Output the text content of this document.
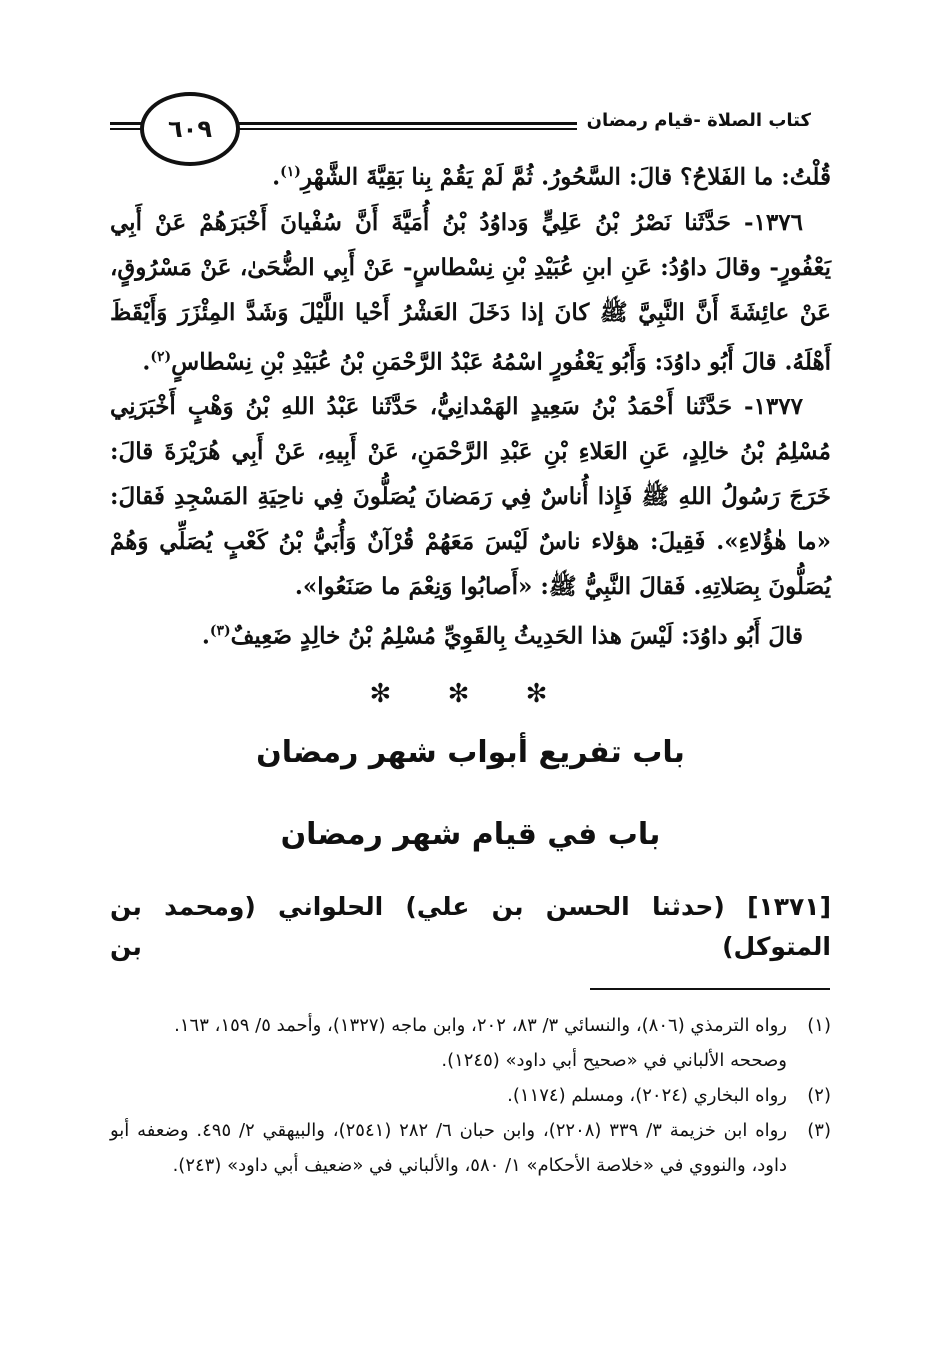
كتاب الصلاة -قيام رمضان
٦٠٩

قُلْتُ: ما الفَلاحُ؟ قالَ: السَّحُورُ. ثُمَّ لَمْ يَقُمْ بِنا بَقِيَّةَ الشَّهْرِ$^{(١)}$.

١٣٧٦- حَدَّثَنا نَصْرُ بْنُ عَلِيٍّ وَداوُدُ بْنُ أُمَيَّةَ أَنَّ سُفْيانَ أَخْبَرَهُمْ عَنْ أَبِي يَعْفُورٍ- وقالَ داوُدُ: عَنِ ابنِ عُبَيْدِ بْنِ نِسْطاسٍ- عَنْ أَبِي الضُّحَىٰ، عَنْ مَسْرُوقٍ، عَنْ عائِشَةَ أَنَّ النَّبِيَّ ﷺ كانَ إذا دَخَلَ العَشْرُ أَحْيا اللَّيْلَ وَشَدَّ المِئْزَرَ وَأَيْقَظَ أَهْلَهُ. قالَ أَبُو داوُدَ: وَأَبُو يَعْفُورٍ اسْمُهُ عَبْدُ الرَّحْمَنِ بْنُ عُبَيْدِ بْنِ نِسْطاسٍ$^{(٢)}$.

١٣٧٧- حَدَّثَنا أَحْمَدُ بْنُ سَعِيدٍ الهَمْدانِيُّ، حَدَّثَنا عَبْدُ اللهِ بْنُ وَهْبٍ أَخْبَرَنِي مُسْلِمُ بْنُ خالِدٍ، عَنِ العَلاءِ بْنِ عَبْدِ الرَّحْمَنِ، عَنْ أَبِيهِ، عَنْ أَبِي هُرَيْرَةَ قالَ: خَرَجَ رَسُولُ اللهِ ﷺ فَإِذا أُناسٌ فِي رَمَضانَ يُصَلُّونَ فِي ناحِيَةِ المَسْجِدِ فَقالَ: «ما هٰؤُلاءِ». فَقِيلَ: هؤلاء ناسٌ لَيْسَ مَعَهُمْ قُرْآنٌ وَأُبَيُّ بْنُ كَعْبٍ يُصَلِّي وَهُمْ يُصَلُّونَ بِصَلاتِهِ. فَقالَ النَّبِيُّ ﷺ: «أَصابُوا وَنِعْمَ ما صَنَعُوا».

قالَ أَبُو داوُدَ: لَيْسَ هذا الحَدِيثُ بِالقَوِيِّ مُسْلِمُ بْنُ خالِدٍ ضَعِيفٌ$^{(٣)}$.

✻ ✻ ✻
باب تفريع أبواب شهر رمضان
باب في قيام شهر رمضان

[١٣٧١] (حدثنا الحسن بن علي) الحلواني (ومحمد بن المتوكل) بن

(١)
رواه الترمذي (٨٠٦)، والنسائي ٣/ ٨٣، ٢٠٢، وابن ماجه (١٣٢٧)، وأحمد ٥/ ١٥٩، ١٦٣.
وصححه الألباني في «صحيح أبي داود» (١٢٤٥).
(٢)
رواه البخاري (٢٠٢٤)، ومسلم (١١٧٤).
(٣)
رواه ابن خزيمة ٣/ ٣٣٩ (٢٢٠٨)، وابن حبان ٦/ ٢٨٢ (٢٥٤١)، والبيهقي ٢/ ٤٩٥. وضعفه أبو داود، والنووي في «خلاصة الأحكام» ١/ ٥٨٠، والألباني في «ضعيف أبي داود» (٢٤٣).
